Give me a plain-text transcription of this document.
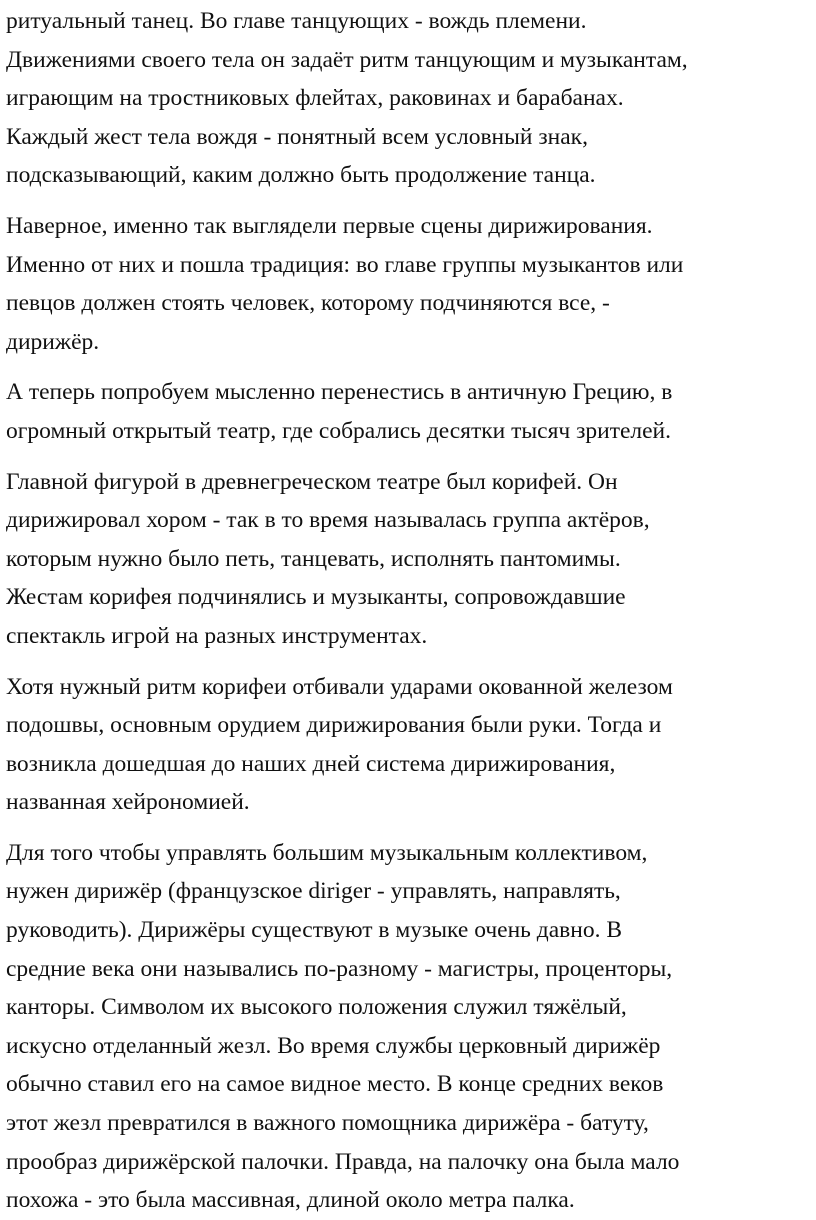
ритуальный танец. Во главе танцующих - вождь племени.
Движениями своего тела он задаёт ритм танцующим и музыкантам,
играющим на тростниковых флейтах, раковинах и барабанах.
Каждый жест тела вождя - понятный всем условный знак,
подсказывающий, каким должно быть продолжение танца.

Наверное, именно так выглядели первые сцены дирижирования.
Именно от них и пошла традиция: во главе группы музыкантов или
певцов должен стоять человек, которому подчиняются все, -
дирижёр.

А теперь попробуем мысленно перенестись в античную Грецию, в
огромный открытый театр, где собрались десятки тысяч зрителей.

Главной фигурой в древнегреческом театре был корифей. Он
дирижировал хором - так в то время называлась группа актёров,
которым нужно было петь, танцевать, исполнять пантомимы.
Жестам корифея подчинялись и музыканты, сопровождавшие
спектакль игрой на разных инструментах.

Хотя нужный ритм корифеи отбивали ударами окованной железом
подошвы, основным орудием дирижирования были руки. Тогда и
возникла дошедшая до наших дней система дирижирования,
названная хейрономией.

Для того чтобы управлять большим музыкальным коллективом,
нужен дирижёр (французское diriger - управлять, направлять,
руководить). Дирижёры существуют в музыке очень давно. В
средние века они назывались по-разному - магистры, проценторы,
канторы. Символом их высокого положения служил тяжёлый,
искусно отделанный жезл. Во время службы церковный дирижёр
обычно ставил его на самое видное место. В конце средних веков
этот жезл превратился в важного помощника дирижёра - батуту,
прообраз дирижёрской палочки. Правда, на палочку она была мало
похожа - это была массивная, длиной около метра палка.
